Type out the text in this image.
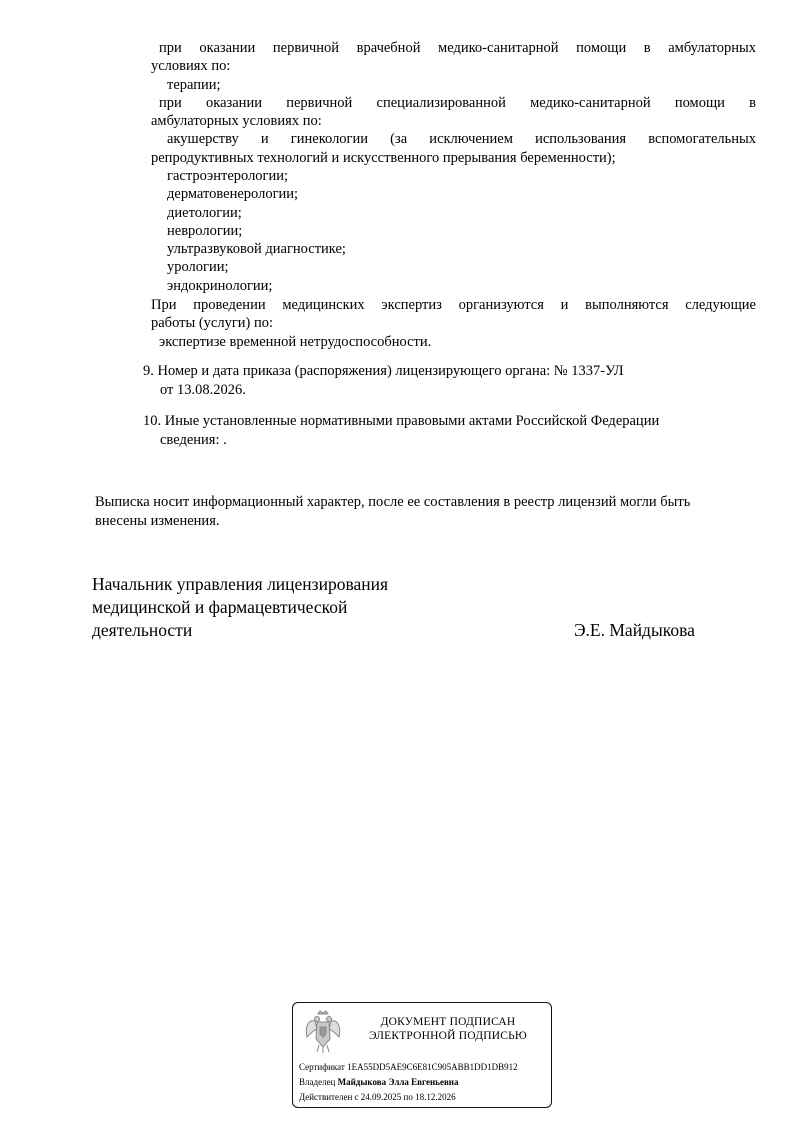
при оказании первичной врачебной медико-санитарной помощи в амбулаторных
условиях по:
терапии;
при оказании первичной специализированной медико-санитарной помощи в
амбулаторных условиях по:
акушерству и гинекологии (за исключением использования вспомогательных
репродуктивных технологий и искусственного прерывания беременности);
гастроэнтерологии;
дерматовенерологии;
диетологии;
неврологии;
ультразвуковой диагностике;
урологии;
эндокринологии;
При проведении медицинских экспертиз организуются и выполняются следующие
работы (услуги) по:
экспертизе временной нетрудоспособности.
9. Номер и дата приказа (распоряжения) лицензирующего органа: № 1337-УЛ
от 13.08.2026.
10. Иные установленные нормативными правовыми актами Российской Федерации
сведения: .
Выписка носит информационный характер, после ее составления в реестр лицензий могли быть
внесены изменения.
Начальник управления лицензирования
медицинской и фармацевтической
деятельности	Э.Е. Майдыкова
ДОКУМЕНТ ПОДПИСАН
ЭЛЕКТРОННОЙ ПОДПИСЬЮ
Сертификат 1EA55DD5AE9C6E81C905ABB1DD1DB912
Владелец Майдыкова Элла Евгеньевна
Действителен с 24.09.2025 по 18.12.2026
